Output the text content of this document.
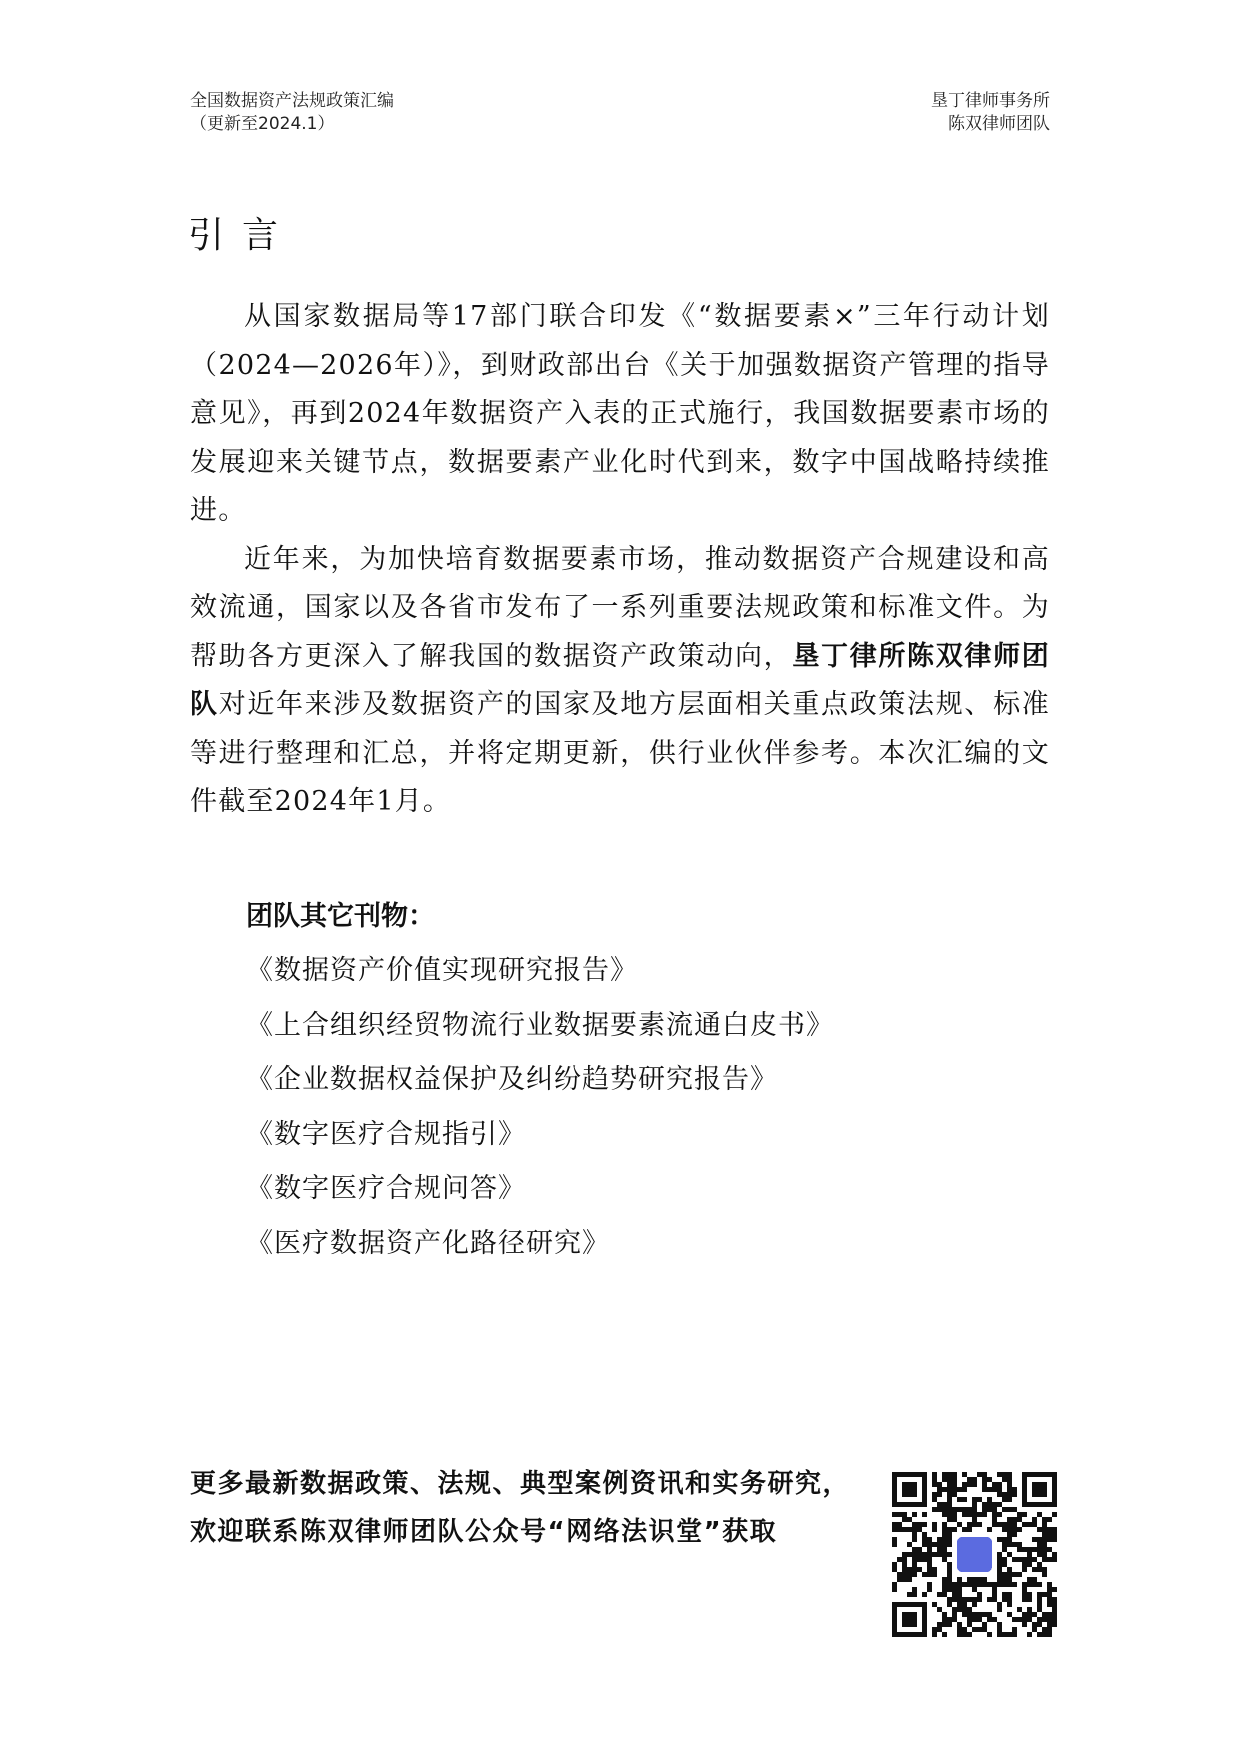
全国数据资产法规政策汇编
（更新至2024.1）
垦丁律师事务所
陈双律师团队
引言

从国家数据局等17部门联合印发《“数据要素×”三年行动计划（2024—2026年）》，到财政部出台《关于加强数据资产管理的指导意见》，再到2024年数据资产入表的正式施行，我国数据要素市场的发展迎来关键节点，数据要素产业化时代到来，数字中国战略持续推进。

近年来，为加快培育数据要素市场，推动数据资产合规建设和高效流通，国家以及各省市发布了一系列重要法规政策和标准文件。为帮助各方更深入了解我国的数据资产政策动向，垦丁律所陈双律师团队对近年来涉及数据资产的国家及地方层面相关重点政策法规、标准等进行整理和汇总，并将定期更新，供行业伙伴参考。本次汇编的文件截至2024年1月。

团队其它刊物：

《数据资产价值实现研究报告》
《上合组织经贸物流行业数据要素流通白皮书》
《企业数据权益保护及纠纷趋势研究报告》
《数字医疗合规指引》
《数字医疗合规问答》
《医疗数据资产化路径研究》
更多最新数据政策、法规、典型案例资讯和实务研究，
欢迎联系陈双律师团队公众号“网络法识堂”获取
